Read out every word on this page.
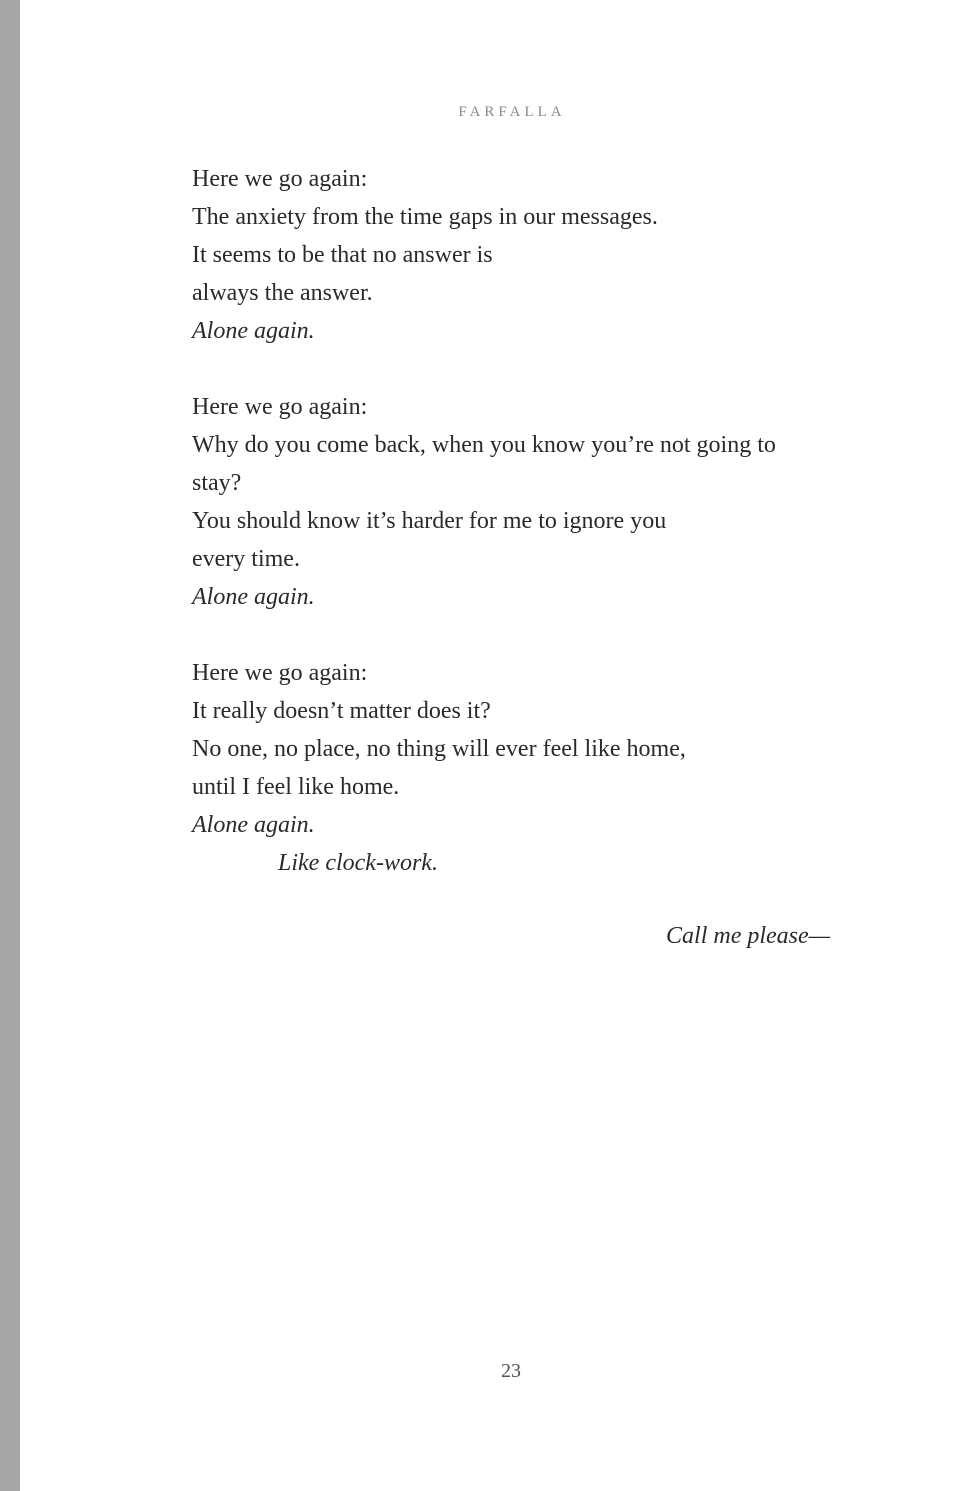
FARFALLA
Here we go again:
The anxiety from the time gaps in our messages.
It seems to be that no answer is
always the answer.
Alone again.
Here we go again:
Why do you come back, when you know you’re not going to
stay?
You should know it’s harder for me to ignore you
every time.
Alone again.
Here we go again:
It really doesn’t matter does it?
No one, no place, no thing will ever feel like home,
until I feel like home.
Alone again.
Like clock-work.
Call me please—
23
